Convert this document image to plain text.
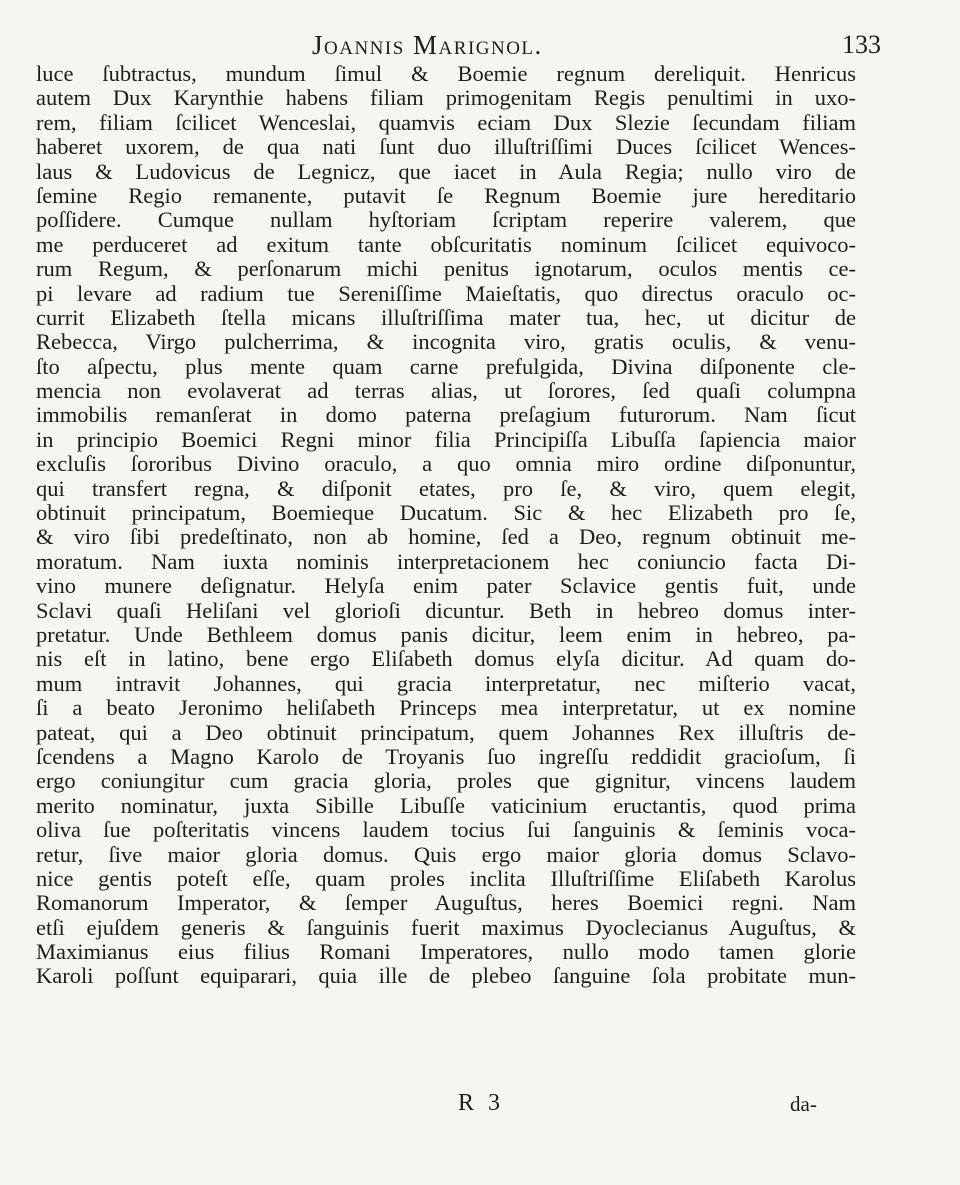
Joannis Marignol.	133
luce ſubtractus, mundum ſimul & Boemie regnum dereliquit. Henricus
autem Dux Karynthie habens filiam primogenitam Regis penultimi in uxo-
rem, filiam ſcilicet Wenceslai, quamvis eciam Dux Slezie ſecundam filiam
haberet uxorem, de qua nati ſunt duo illuſtriſſimi Duces ſcilicet Wences-
laus & Ludovicus de Legnicz, que iacet in Aula Regia; nullo viro de
ſemine Regio remanente, putavit ſe Regnum Boemie jure hereditario
poſſidere. Cumque nullam hyſtoriam ſcriptam reperire valerem, que
me perduceret ad exitum tante obſcuritatis nominum ſcilicet equivoco-
rum Regum, & perſonarum michi penitus ignotarum, oculos mentis ce-
pi levare ad radium tue Sereniſſime Maieſtatis, quo directus oraculo oc-
currit Elizabeth ſtella micans illuſtriſſima mater tua, hec, ut dicitur de
Rebecca, Virgo pulcherrima, & incognita viro, gratis oculis, & venu-
ſto aſpectu, plus mente quam carne prefulgida, Divina diſponente cle-
mencia non evolaverat ad terras alias, ut ſorores, ſed quaſi columpna
immobilis remanſerat in domo paterna preſagium futurorum. Nam ſicut
in principio Boemici Regni minor filia Principiſſa Libuſſa ſapiencia maior
excluſis ſororibus Divino oraculo, a quo omnia miro ordine diſponuntur,
qui transfert regna, & diſponit etates, pro ſe, & viro, quem elegit,
obtinuit principatum, Boemieque Ducatum. Sic & hec Elizabeth pro ſe,
& viro ſibi predeſtinato, non ab homine, ſed a Deo, regnum obtinuit me-
moratum. Nam iuxta nominis interpretacionem hec coniuncio facta Di-
vino munere deſignatur. Helyſa enim pater Sclavice gentis fuit, unde
Sclavi quaſi Heliſani vel glorioſi dicuntur. Beth in hebreo domus inter-
pretatur. Unde Bethleem domus panis dicitur, leem enim in hebreo, pa-
nis eſt in latino, bene ergo Eliſabeth domus elyſa dicitur. Ad quam do-
mum intravit Johannes, qui gracia interpretatur, nec miſterio vacat,
ſi a beato Jeronimo heliſabeth Princeps mea interpretatur, ut ex nomine
pateat, qui a Deo obtinuit principatum, quem Johannes Rex illuſtris de-
ſcendens a Magno Karolo de Troyanis ſuo ingreſſu reddidit gracioſum, ſi
ergo coniungitur cum gracia gloria, proles que gignitur, vincens laudem
merito nominatur, juxta Sibille Libuſſe vaticinium eructantis, quod prima
oliva ſue poſteritatis vincens laudem tocius ſui ſanguinis & ſeminis voca-
retur, ſive maior gloria domus. Quis ergo maior gloria domus Sclavo-
nice gentis poteſt eſſe, quam proles inclita Illuſtriſſime Eliſabeth Karolus
Romanorum Imperator, & ſemper Auguſtus, heres Boemici regni. Nam
etſi ejuſdem generis & ſanguinis fuerit maximus Dyoclecianus Auguſtus, &
Maximianus eius filius Romani Imperatores, nullo modo tamen glorie
Karoli poſſunt equiparari, quia ille de plebeo ſanguine ſola probitate mun-
R 3	da-
